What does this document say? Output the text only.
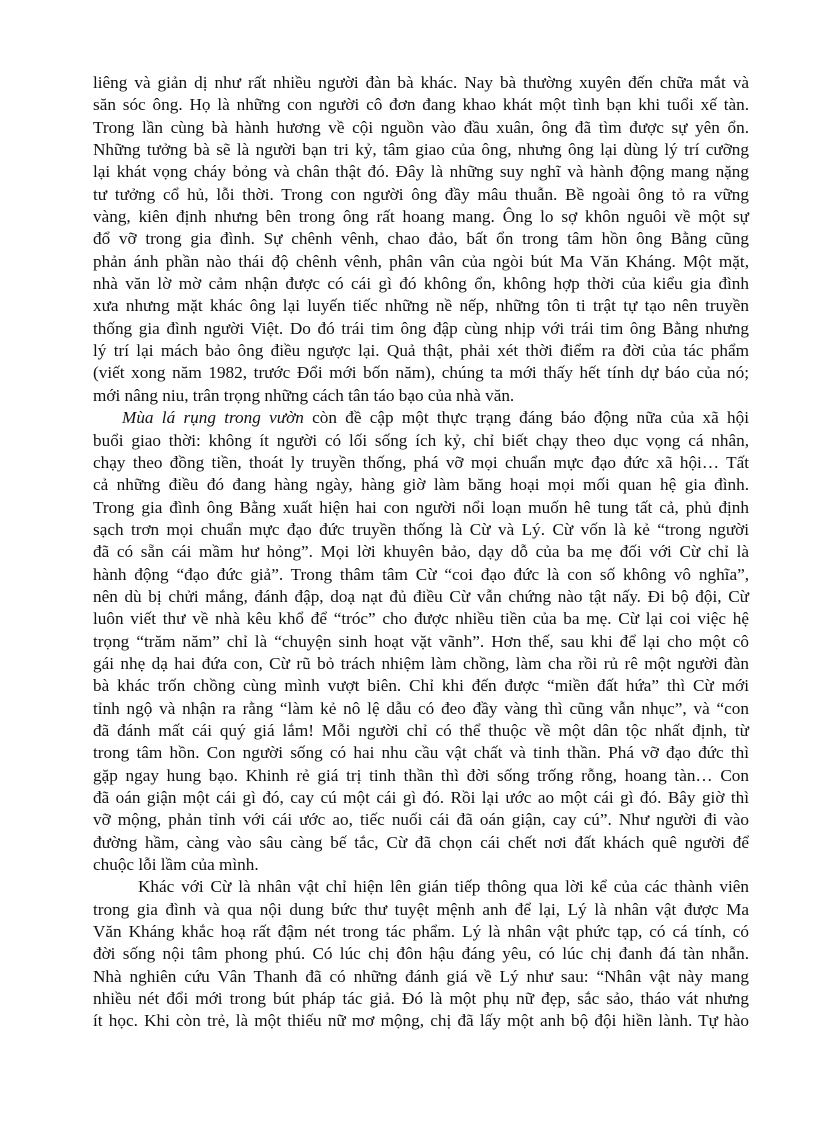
liêng và giản dị như rất nhiều người đàn bà khác. Nay bà thường xuyên đến chữa mắt và
săn sóc ông. Họ là những con người cô đơn đang khao khát một tình bạn khi tuổi xế tàn.
Trong lần cùng bà hành hương về cội nguồn vào đầu xuân, ông đã tìm được sự yên ổn.
Những tưởng bà sẽ là người bạn tri kỷ, tâm giao của ông, nhưng ông lại dùng lý trí cưỡng
lại khát vọng cháy bỏng và chân thật đó. Đây là những suy nghĩ và hành động mang nặng
tư tưởng cổ hủ, lỗi thời. Trong con người ông đầy mâu thuẫn. Bề ngoài ông tỏ ra vững
vàng, kiên định nhưng bên trong ông rất hoang mang. Ông lo sợ khôn nguôi về một sự
đổ vỡ trong gia đình. Sự chênh vênh, chao đảo, bất ổn trong tâm hồn ông Bằng cũng
phản ánh phần nào thái độ chênh vênh, phân vân của ngòi bút Ma Văn Kháng. Một mặt,
nhà văn lờ mờ cảm nhận được có cái gì đó không ổn, không hợp thời của kiểu gia đình
xưa nhưng mặt khác ông lại luyến tiếc những nề nếp, những tôn ti trật tự tạo nên truyền
thống gia đình người Việt. Do đó trái tim ông đập cùng nhịp với trái tim ông Bằng nhưng
lý trí lại mách bảo ông điều ngược lại. Quả thật, phải xét thời điểm ra đời của tác phẩm
(viết xong năm 1982, trước Đổi mới bốn năm), chúng ta mới thấy hết tính dự báo của nó;
mới nâng niu, trân trọng những cách tân táo bạo của nhà văn.
Mùa lá rụng trong vườn còn đề cập một thực trạng đáng báo động nữa của xã hội
buổi giao thời: không ít người có lối sống ích kỷ, chỉ biết chạy theo dục vọng cá nhân,
chạy theo đồng tiền, thoát ly truyền thống, phá vỡ mọi chuẩn mực đạo đức xã hội… Tất
cả những điều đó đang hàng ngày, hàng giờ làm băng hoại mọi mối quan hệ gia đình.
Trong gia đình ông Bằng xuất hiện hai con người nổi loạn muốn hê tung tất cả, phủ định
sạch trơn mọi chuẩn mực đạo đức truyền thống là Cừ và Lý. Cừ vốn là kẻ “trong người
đã có sẵn cái mầm hư hỏng”. Mọi lời khuyên bảo, dạy dỗ của ba mẹ đối với Cừ chỉ là
hành động “đạo đức giả”. Trong thâm tâm Cừ “coi đạo đức là con số không vô nghĩa”,
nên dù bị chửi mắng, đánh đập, doạ nạt đủ điều Cừ vẫn chứng nào tật nấy. Đi bộ đội, Cừ
luôn viết thư về nhà kêu khổ để “tróc” cho được nhiều tiền của ba mẹ. Cừ lại coi việc hệ
trọng “trăm năm” chỉ là “chuyện sinh hoạt vặt vãnh”. Hơn thế, sau khi để lại cho một cô
gái nhẹ dạ hai đứa con, Cừ rũ bỏ trách nhiệm làm chồng, làm cha rồi rủ rê một người đàn
bà khác trốn chồng cùng mình vượt biên. Chỉ khi đến được “miền đất hứa” thì Cừ mới
tỉnh ngộ và nhận ra rằng “làm kẻ nô lệ dẫu có đeo đầy vàng thì cũng vẫn nhục”, và “con
đã đánh mất cái quý giá lắm! Mỗi người chỉ có thể thuộc về một dân tộc nhất định, từ
trong tâm hồn. Con người sống có hai nhu cầu vật chất và tinh thần. Phá vỡ đạo đức thì
gặp ngay hung bạo. Khinh rẻ giá trị tinh thần thì đời sống trống rỗng, hoang tàn… Con
đã oán giận một cái gì đó, cay cú một cái gì đó. Rồi lại ước ao một cái gì đó. Bây giờ thì
vỡ mộng, phản tỉnh với cái ước ao, tiếc nuối cái đã oán giận, cay cú”. Như người đi vào
đường hầm, càng vào sâu càng bế tắc, Cừ đã chọn cái chết nơi đất khách quê người để
chuộc lỗi lầm của mình.
Khác với Cừ là nhân vật chỉ hiện lên gián tiếp thông qua lời kể của các thành viên
trong gia đình và qua nội dung bức thư tuyệt mệnh anh để lại, Lý là nhân vật được Ma
Văn Kháng khắc hoạ rất đậm nét trong tác phẩm. Lý là nhân vật phức tạp, có cá tính, có
đời sống nội tâm phong phú. Có lúc chị đôn hậu đáng yêu, có lúc chị đanh đá tàn nhẫn.
Nhà nghiên cứu Vân Thanh đã có những đánh giá về Lý như sau: “Nhân vật này mang
nhiều nét đổi mới trong bút pháp tác giả. Đó là một phụ nữ đẹp, sắc sảo, tháo vát nhưng
ít học. Khi còn trẻ, là một thiếu nữ mơ mộng, chị đã lấy một anh bộ đội hiền lành. Tự hào
